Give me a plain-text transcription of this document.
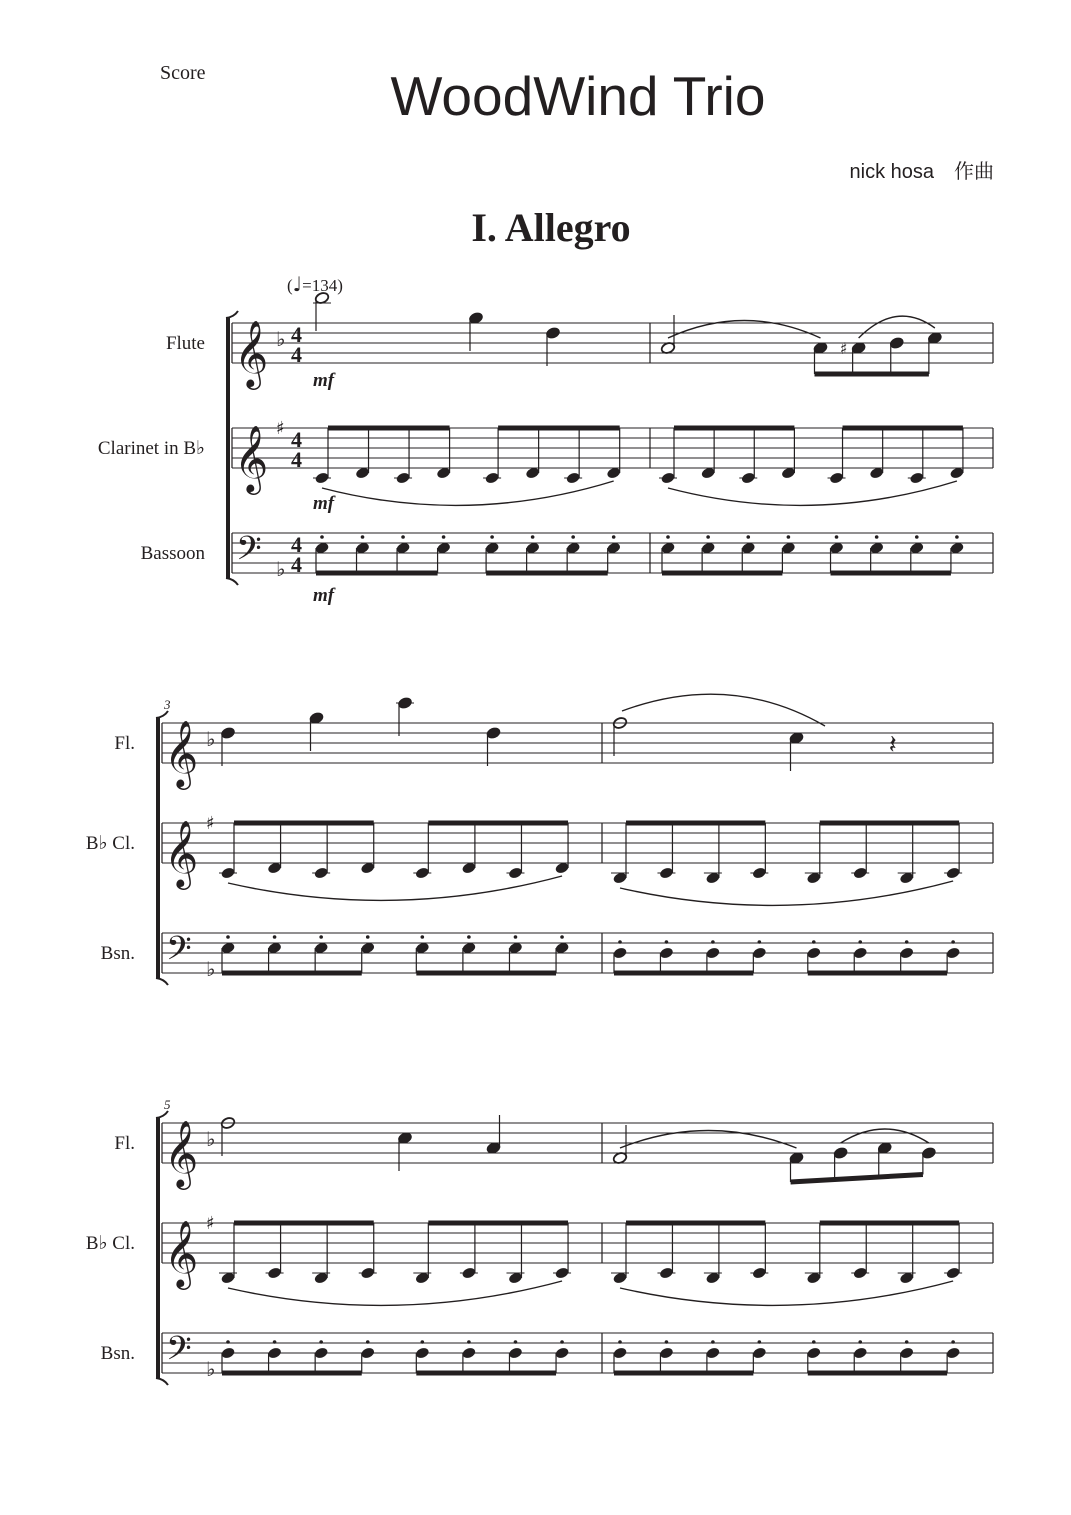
Score	WoodWind Trio
nick hosa　作曲
I. Allegro
(♩=134)
𝄞 ♭ 4
4
Flute
𝄞 ♯ 4
4
Clarinet in B♭
𝄢 ♭
4
4
Bassoon
mf
mf
mf
♯
𝄞 ♭
Fl.
𝄞 ♯
B♭ Cl.
𝄢 ♭
Bsn.
3
𝄽
𝄞 ♭
Fl.
𝄞 ♯
B♭ Cl.
𝄢 ♭
Bsn.
5
